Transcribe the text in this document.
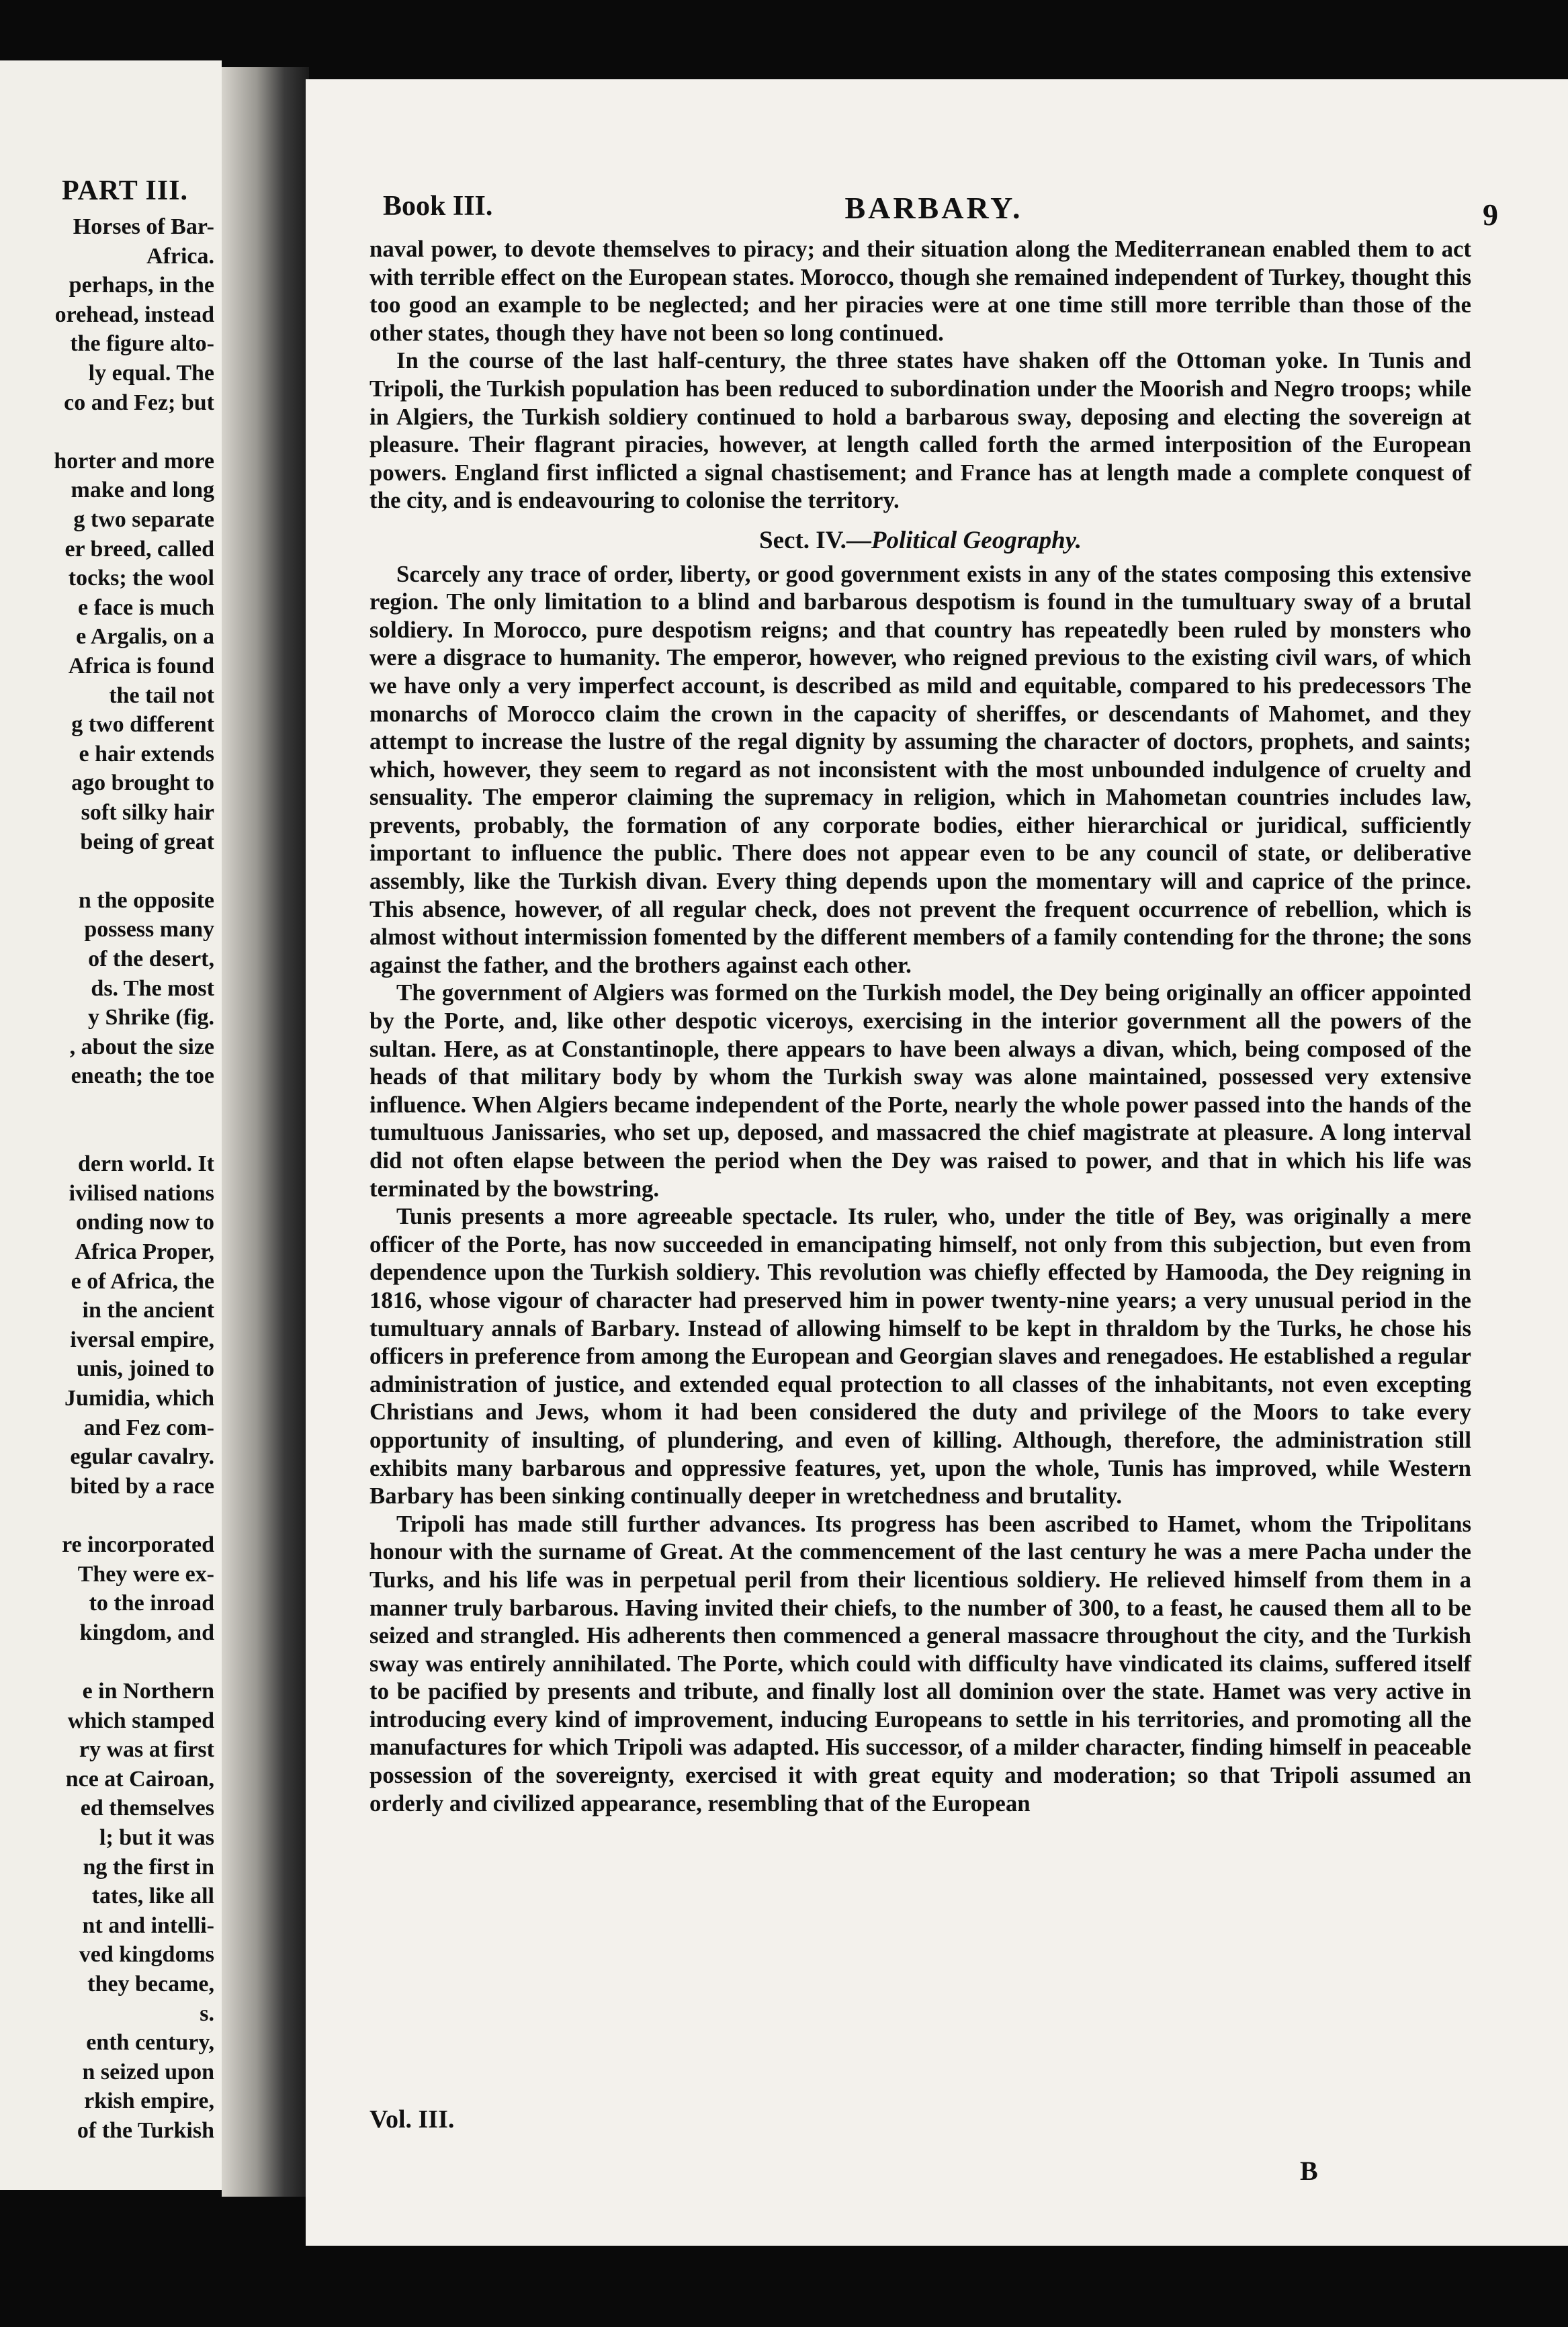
PART III.
Horses of Bar-
Africa.
perhaps, in the
orehead, instead
the figure alto-
ly equal. The
co and Fez; but
horter and more
make and long
g two separate
er breed, called
tocks; the wool
e face is much
e Argalis, on a
Africa is found
the tail not
g two different
e hair extends
ago brought to
soft silky hair
being of great
n the opposite
possess many
of the desert,
ds. The most
y Shrike (fig.
, about the size
eneath; the toe
dern world. It
ivilised nations
onding now to
Africa Proper,
e of Africa, the
in the ancient
iversal empire,
unis, joined to
Jumidia, which
and Fez com-
egular cavalry.
bited by a race
re incorporated
They were ex-
to the inroad
kingdom, and
e in Northern
which stamped
ry was at first
nce at Cairoan,
ed themselves
l; but it was
ng the first in
tates, like all
nt and intelli-
ved kingdoms
they became,
s.
enth century,
n seized upon
rkish empire,
of the Turkish
Book III.	BARBARY.	9

naval power, to devote themselves to piracy; and their situation along the Mediterranean enabled them to act with terrible effect on the European states. Morocco, though she remained independent of Turkey, thought this too good an example to be neglected; and her piracies were at one time still more terrible than those of the other states, though they have not been so long continued.

In the course of the last half-century, the three states have shaken off the Ottoman yoke. In Tunis and Tripoli, the Turkish population has been reduced to subordination under the Moorish and Negro troops; while in Algiers, the Turkish soldiery continued to hold a barbarous sway, deposing and electing the sovereign at pleasure. Their flagrant piracies, however, at length called forth the armed interposition of the European powers. England first inflicted a signal chastisement; and France has at length made a complete conquest of the city, and is endeavouring to colonise the territory.

Sect. IV.—Political Geography.

Scarcely any trace of order, liberty, or good government exists in any of the states composing this extensive region. The only limitation to a blind and barbarous despotism is found in the tumultuary sway of a brutal soldiery. In Morocco, pure despotism reigns; and that country has repeatedly been ruled by monsters who were a disgrace to humanity. The emperor, however, who reigned previous to the existing civil wars, of which we have only a very imperfect account, is described as mild and equitable, compared to his predecessors The monarchs of Morocco claim the crown in the capacity of sheriffes, or descendants of Mahomet, and they attempt to increase the lustre of the regal dignity by assuming the character of doctors, prophets, and saints; which, however, they seem to regard as not inconsistent with the most unbounded indulgence of cruelty and sensuality. The emperor claiming the supremacy in religion, which in Mahometan countries includes law, prevents, probably, the formation of any corporate bodies, either hierarchical or juridical, sufficiently important to influence the public. There does not appear even to be any council of state, or deliberative assembly, like the Turkish divan. Every thing depends upon the momentary will and caprice of the prince. This absence, however, of all regular check, does not prevent the frequent occurrence of rebellion, which is almost without intermission fomented by the different members of a family contending for the throne; the sons against the father, and the brothers against each other.

The government of Algiers was formed on the Turkish model, the Dey being originally an officer appointed by the Porte, and, like other despotic viceroys, exercising in the interior government all the powers of the sultan. Here, as at Constantinople, there appears to have been always a divan, which, being composed of the heads of that military body by whom the Turkish sway was alone maintained, possessed very extensive influence. When Algiers became independent of the Porte, nearly the whole power passed into the hands of the tumultuous Janissaries, who set up, deposed, and massacred the chief magistrate at pleasure. A long interval did not often elapse between the period when the Dey was raised to power, and that in which his life was terminated by the bowstring.

Tunis presents a more agreeable spectacle. Its ruler, who, under the title of Bey, was originally a mere officer of the Porte, has now succeeded in emancipating himself, not only from this subjection, but even from dependence upon the Turkish soldiery. This revolution was chiefly effected by Hamooda, the Dey reigning in 1816, whose vigour of character had preserved him in power twenty-nine years; a very unusual period in the tumultuary annals of Barbary. Instead of allowing himself to be kept in thraldom by the Turks, he chose his officers in preference from among the European and Georgian slaves and renegadoes. He established a regular administration of justice, and extended equal protection to all classes of the inhabitants, not even excepting Christians and Jews, whom it had been considered the duty and privilege of the Moors to take every opportunity of insulting, of plundering, and even of killing. Although, therefore, the administration still exhibits many barbarous and oppressive features, yet, upon the whole, Tunis has improved, while Western Barbary has been sinking continually deeper in wretchedness and brutality.

Tripoli has made still further advances. Its progress has been ascribed to Hamet, whom the Tripolitans honour with the surname of Great. At the commencement of the last century he was a mere Pacha under the Turks, and his life was in perpetual peril from their licentious soldiery. He relieved himself from them in a manner truly barbarous. Having invited their chiefs, to the number of 300, to a feast, he caused them all to be seized and strangled. His adherents then commenced a general massacre throughout the city, and the Turkish sway was entirely annihilated. The Porte, which could with difficulty have vindicated its claims, suffered itself to be pacified by presents and tribute, and finally lost all dominion over the state. Hamet was very active in introducing every kind of improvement, inducing Europeans to settle in his territories, and promoting all the manufactures for which Tripoli was adapted. His successor, of a milder character, finding himself in peaceable possession of the sovereignty, exercised it with great equity and moderation; so that Tripoli assumed an orderly and civilized appearance, resembling that of the European

Vol. III.
B
